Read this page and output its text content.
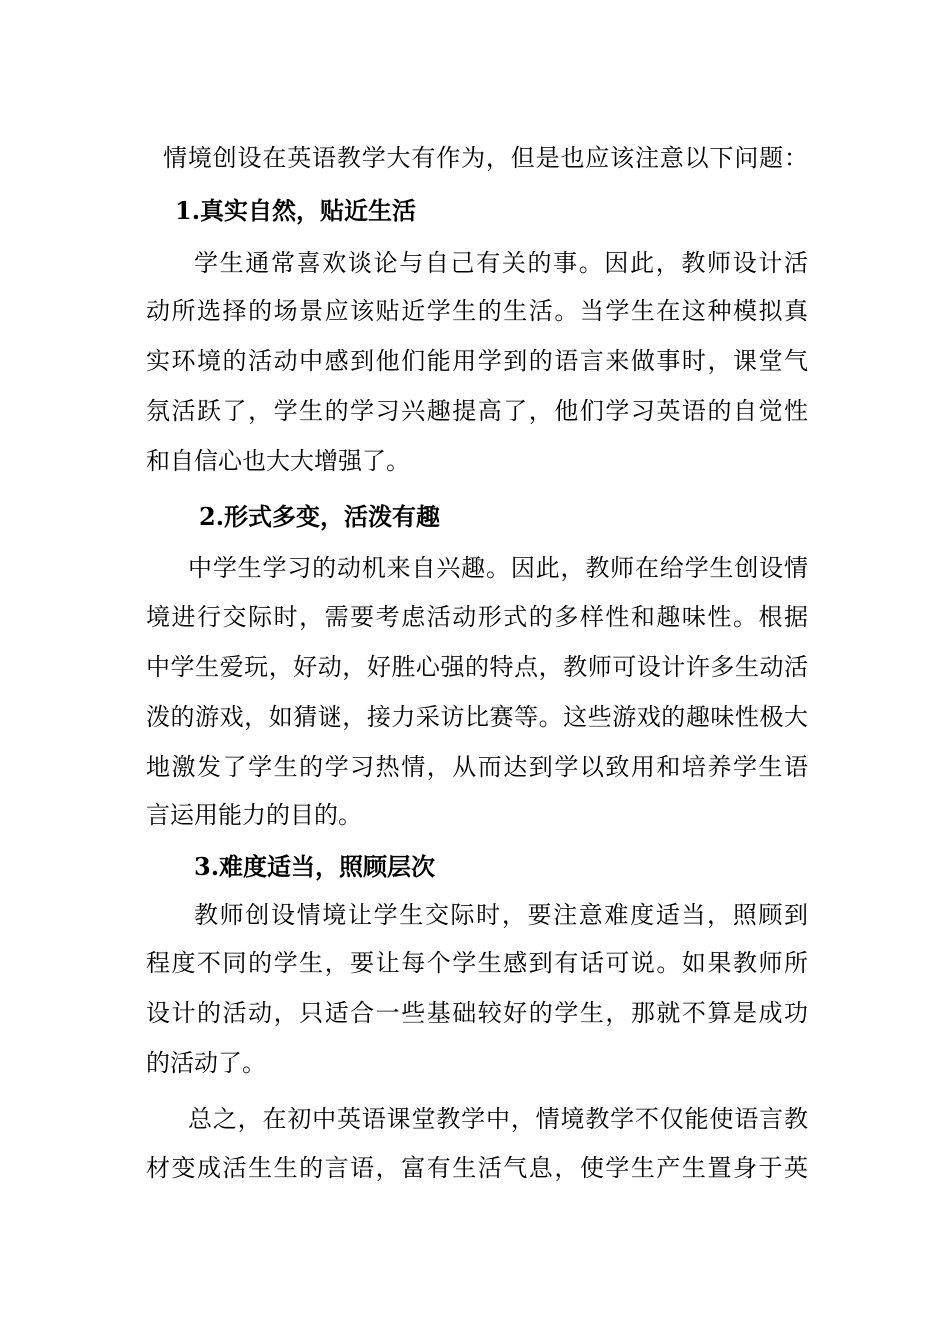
情境创设在英语教学大有作为，但是也应该注意以下问题：
1.真实自然，贴近生活
学生通常喜欢谈论与自己有关的事。因此，教师设计活
动所选择的场景应该贴近学生的生活。当学生在这种模拟真
实环境的活动中感到他们能用学到的语言来做事时，课堂气
氛活跃了，学生的学习兴趣提高了，他们学习英语的自觉性
和自信心也大大增强了。
2.形式多变，活泼有趣
中学生学习的动机来自兴趣。因此，教师在给学生创设情
境进行交际时，需要考虑活动形式的多样性和趣味性。根据
中学生爱玩，好动，好胜心强的特点，教师可设计许多生动活
泼的游戏，如猜谜，接力采访比赛等。这些游戏的趣味性极大
地激发了学生的学习热情，从而达到学以致用和培养学生语
言运用能力的目的。
3.难度适当，照顾层次
教师创设情境让学生交际时，要注意难度适当，照顾到
程度不同的学生，要让每个学生感到有话可说。如果教师所
设计的活动，只适合一些基础较好的学生，那就不算是成功
的活动了。
总之，在初中英语课堂教学中，情境教学不仅能使语言教
材变成活生生的言语，富有生活气息，使学生产生置身于英
